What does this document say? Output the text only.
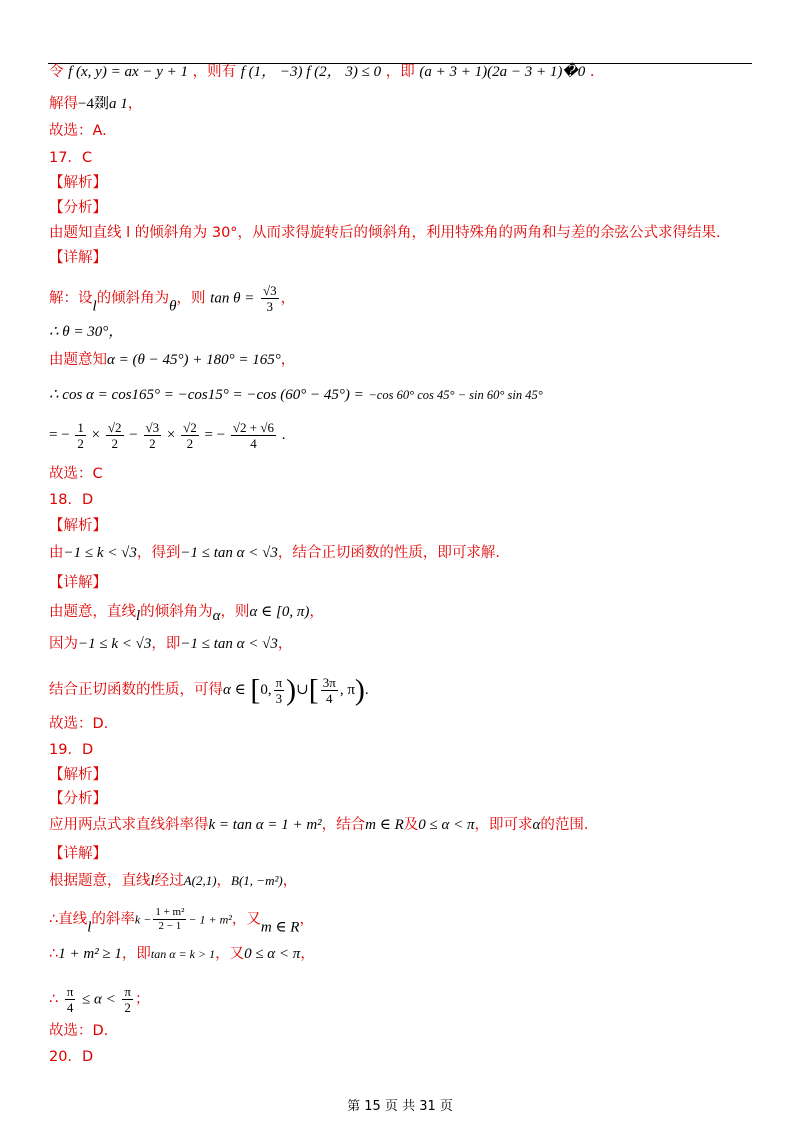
令 f (x, y) = ax − y + 1 ，则有 f (1， −3) f (2， 3) ≤ 0 ，即 (a + 3 + 1)(2a − 3 + 1)�0 .
解得−4剟a 1，
故选：A.
17．C
【解析】
【分析】
由题知直线 l 的倾斜角为 30°，从而求得旋转后的倾斜角，利用特殊角的两角和与差的余弦公式求得结果.
【详解】
解：设l的倾斜角为θ，则 $\tan \theta = \frac{√3}{3}$ ，
∴ θ = 30°，
由题意知α = (θ − 45°) + 180° = 165°，
∴ cos α = cos165° = −cos15° = −cos (60° − 45°) = −cos 60° cos 45° − sin 60° sin 45°
= − $\frac{1}{2} \times \frac{√2}{2} - \frac{√3}{2} \times \frac{√2}{2}$ = − $\frac{√2 + √6}{4}$ .
故选：C
18．D
【解析】
由−1 ≤ k < √3，得到−1 ≤ tan α < √3，结合正切函数的性质，即可求解.
【详解】
由题意，直线l的倾斜角为α，则α ∈ [0, π)，
因为−1 ≤ k < √3，即−1 ≤ tan α < √3，
结合正切函数的性质，可得α ∈ [0, $\frac{\pi}{3}$ )∪[ $\frac{3\pi}{4}$ , π).
故选：D.
19．D
【解析】
【分析】
应用两点式求直线斜率得k = tan α = 1 + m²，结合m ∈ R及0 ≤ α < π，即可求α的范围.
【详解】
根据题意，直线l经过A(2,1)，B(1, −m²)，
∴直线l的斜率$k - \frac{\text{1 + m²}}{2 - 1} - 1 + m^2$，又m ∈ R，
∴1 + m² ≥ 1，即tan α = k > 1，又0 ≤ α < π，
∴ $\frac{\pi}{4} \le \alpha < \frac{\pi}{2}$ ；
故选：D.
20．D
第 15 页 共 31 页
